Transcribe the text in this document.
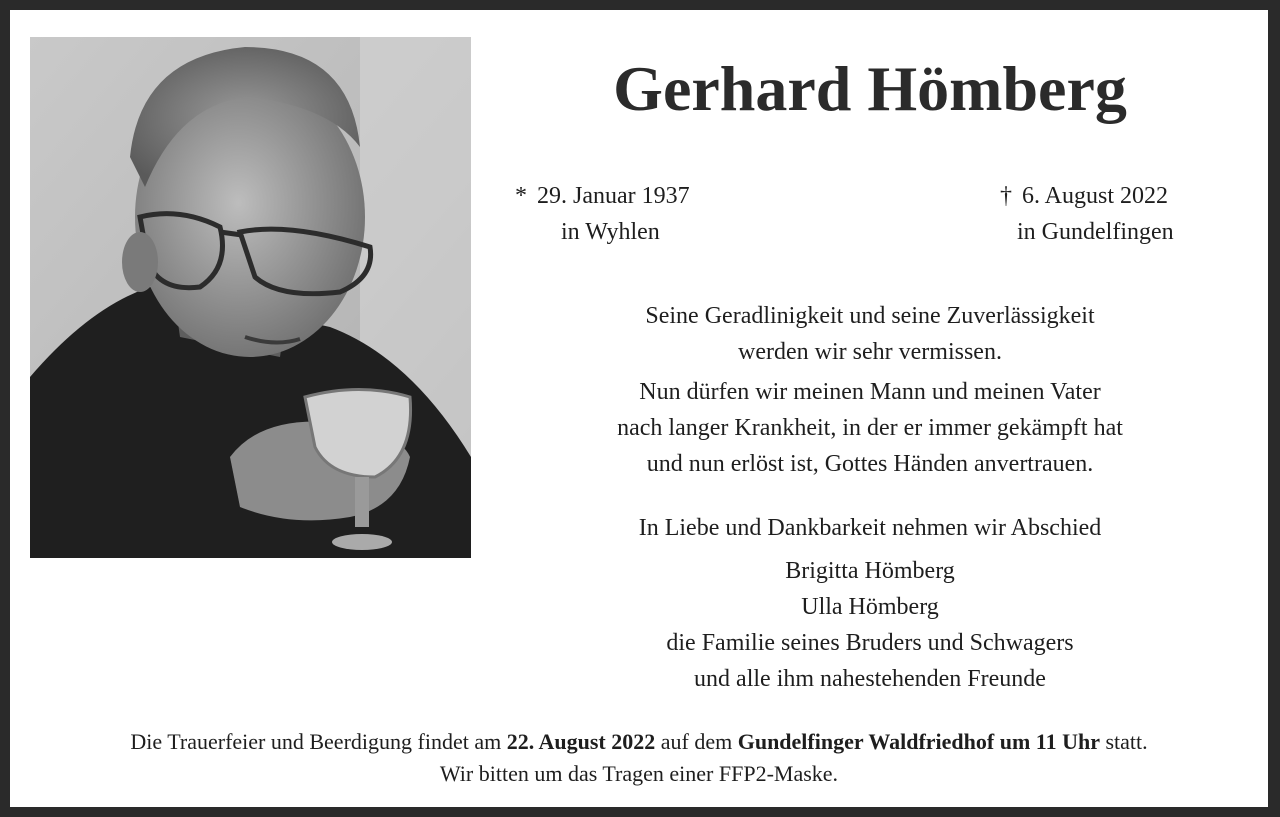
Gerhard Hömberg
* 29. Januar 1937
in Wyhlen
† 6. August 2022
in Gundelfingen
Seine Geradlinigkeit und seine Zuverlässigkeit
werden wir sehr vermissen.
Nun dürfen wir meinen Mann und meinen Vater
nach langer Krankheit, in der er immer gekämpft hat
und nun erlöst ist, Gottes Händen anvertrauen.
In Liebe und Dankbarkeit nehmen wir Abschied
Brigitta Hömberg
Ulla Hömberg
die Familie seines Bruders und Schwagers
und alle ihm nahestehenden Freunde
Die Trauerfeier und Beerdigung findet am 22. August 2022 auf dem Gundelfinger Waldfriedhof um 11 Uhr statt.
Wir bitten um das Tragen einer FFP2-Maske.
